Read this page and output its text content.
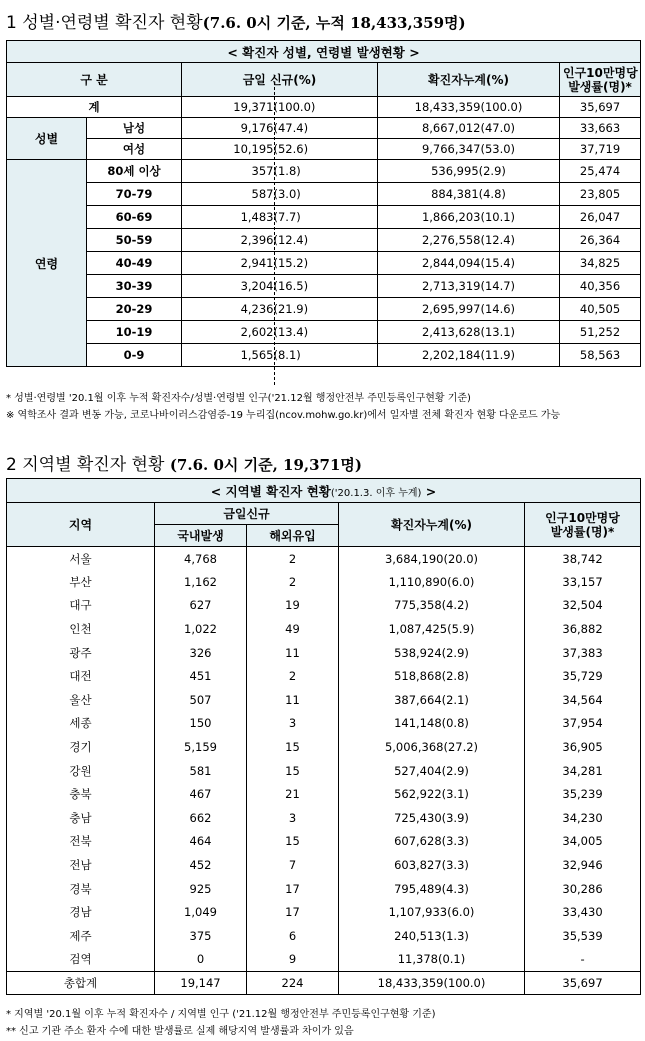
1 성별·연령별 확진자 현황(7.6. 0시 기준, 누적 18,433,359명)
< 확진자 성별, 연령별 발생현황 >				
구 분		금일 신규(%)	확진자누계(%)	인구10만명당
발생률(명)*
계		19,371(100.0)	18,433,359(100.0)	35,697
성별	남성	9,176(47.4)	8,667,012(47.0)	33,663
	여성	10,195(52.6)	9,766,347(53.0)	37,719
연령	80세 이상	357(1.8)	536,995(2.9)	25,474
	70-79	587(3.0)	884,381(4.8)	23,805
	60-69	1,483(7.7)	1,866,203(10.1)	26,047
	50-59	2,396(12.4)	2,276,558(12.4)	26,364
	40-49	2,941(15.2)	2,844,094(15.4)	34,825
	30-39	3,204(16.5)	2,713,319(14.7)	40,356
	20-29	4,236(21.9)	2,695,997(14.6)	40,505
	10-19	2,602(13.4)	2,413,628(13.1)	51,252
	0-9	1,565(8.1)	2,202,184(11.9)	58,563
* 성별·연령별 '20.1월 이후 누적 확진자수/성별·연령별 인구('21.12월 행정안전부 주민등록인구현황 기준)
※ 역학조사 결과 변동 가능, 코로나바이러스감염증-19 누리집(ncov.mohw.go.kr)에서 일자별 전체 확진자 현황 다운로드 가능
2 지역별 확진자 현황 (7.6. 0시 기준, 19,371명)
< 지역별 확진자 현황('20.1.3. 이후 누계) >				
지역	금일신규		확진자누계(%)	인구10만명당
발생률(명)*
	국내발생	해외유입		
서울	4,768	2	3,684,190(20.0)	38,742
부산	1,162	2	1,110,890(6.0)	33,157
대구	627	19	775,358(4.2)	32,504
인천	1,022	49	1,087,425(5.9)	36,882
광주	326	11	538,924(2.9)	37,383
대전	451	2	518,868(2.8)	35,729
울산	507	11	387,664(2.1)	34,564
세종	150	3	141,148(0.8)	37,954
경기	5,159	15	5,006,368(27.2)	36,905
강원	581	15	527,404(2.9)	34,281
충북	467	21	562,922(3.1)	35,239
충남	662	3	725,430(3.9)	34,230
전북	464	15	607,628(3.3)	34,005
전남	452	7	603,827(3.3)	32,946
경북	925	17	795,489(4.3)	30,286
경남	1,049	17	1,107,933(6.0)	33,430
제주	375	6	240,513(1.3)	35,539
검역	0	9	11,378(0.1)	-
총합계	19,147	224	18,433,359(100.0)	35,697
* 지역별 '20.1월 이후 누적 확진자수 / 지역별 인구 ('21.12월 행정안전부 주민등록인구현황 기준)
** 신고 기관 주소 환자 수에 대한 발생률로 실제 해당지역 발생률과 차이가 있음
